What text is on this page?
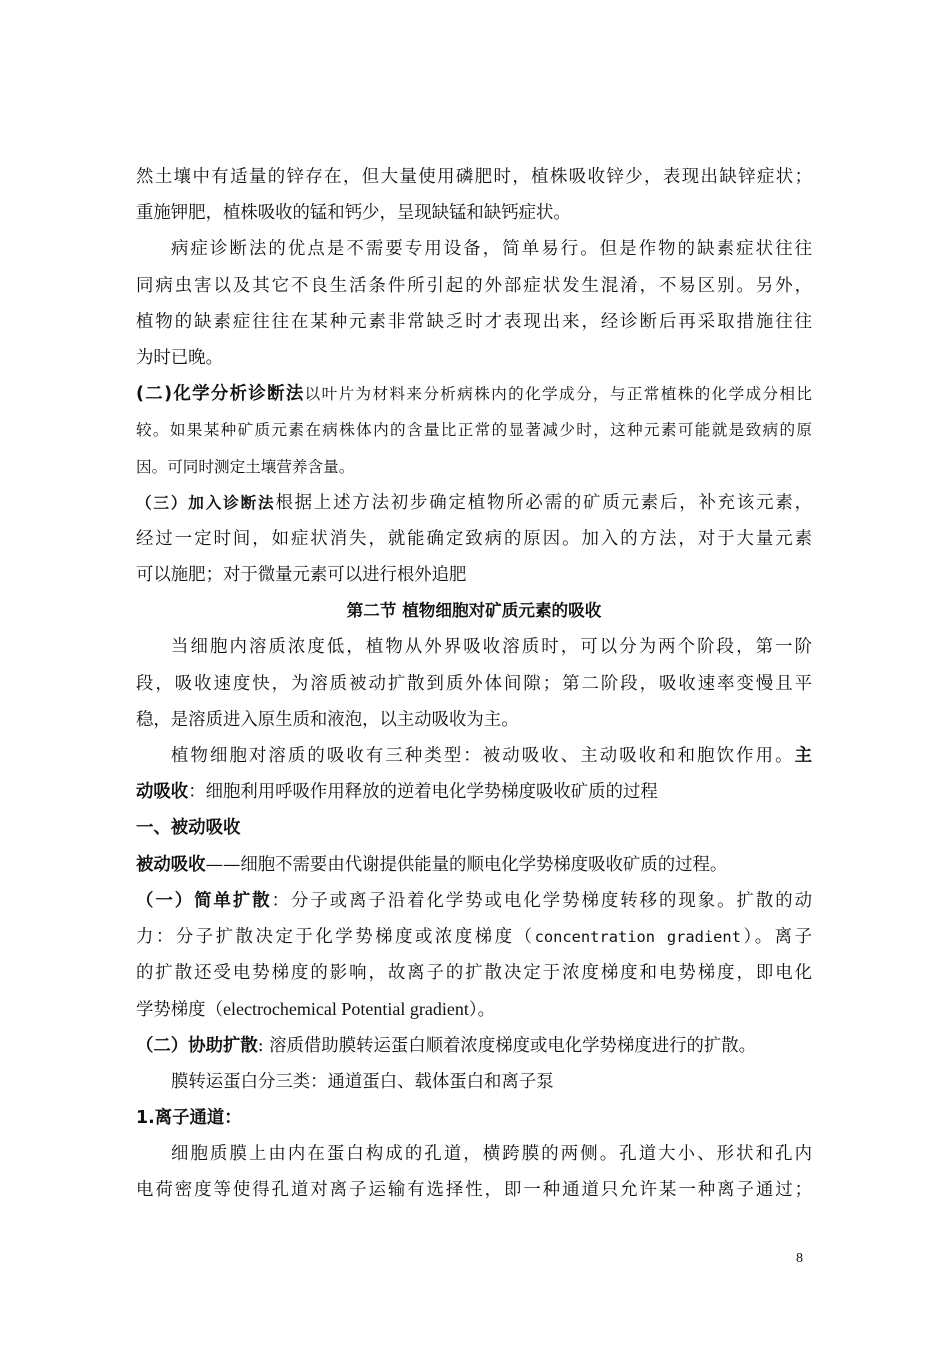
然土壤中有适量的锌存在，但大量使用磷肥时，植株吸收锌少，表现出缺锌症状；
重施钾肥，植株吸收的锰和钙少，呈现缺锰和缺钙症状。
病症诊断法的优点是不需要专用设备，简单易行。但是作物的缺素症状往往
同病虫害以及其它不良生活条件所引起的外部症状发生混淆，不易区别。另外，
植物的缺素症往往在某种元素非常缺乏时才表现出来，经诊断后再采取措施往往
为时已晚。
(二)化学分析诊断法以叶片为材料来分析病株内的化学成分，与正常植株的化学成分相比
较。如果某种矿质元素在病株体内的含量比正常的显著减少时，这种元素可能就是致病的原
因。可同时测定土壤营养含量。
（三）加入诊断法根据上述方法初步确定植物所必需的矿质元素后，补充该元素，
经过一定时间，如症状消失，就能确定致病的原因。加入的方法，对于大量元素
可以施肥；对于微量元素可以进行根外追肥
第二节 植物细胞对矿质元素的吸收
当细胞内溶质浓度低，植物从外界吸收溶质时，可以分为两个阶段，第一阶
段，吸收速度快，为溶质被动扩散到质外体间隙；第二阶段，吸收速率变慢且平
稳，是溶质进入原生质和液泡，以主动吸收为主。
植物细胞对溶质的吸收有三种类型：被动吸收、主动吸收和和胞饮作用。主
动吸收：细胞利用呼吸作用释放的逆着电化学势梯度吸收矿质的过程
一、被动吸收
被动吸收——细胞不需要由代谢提供能量的顺电化学势梯度吸收矿质的过程。
（一）简单扩散：分子或离子沿着化学势或电化学势梯度转移的现象。扩散的动
力：分子扩散决定于化学势梯度或浓度梯度（concentration gradient）。离子
的扩散还受电势梯度的影响，故离子的扩散决定于浓度梯度和电势梯度，即电化
学势梯度（electrochemical Potential gradient）。
（二）协助扩散: 溶质借助膜转运蛋白顺着浓度梯度或电化学势梯度进行的扩散。
膜转运蛋白分三类：通道蛋白、载体蛋白和离子泵
1.离子通道：
细胞质膜上由内在蛋白构成的孔道，横跨膜的两侧。孔道大小、形状和孔内
电荷密度等使得孔道对离子运输有选择性，即一种通道只允许某一种离子通过；
8
